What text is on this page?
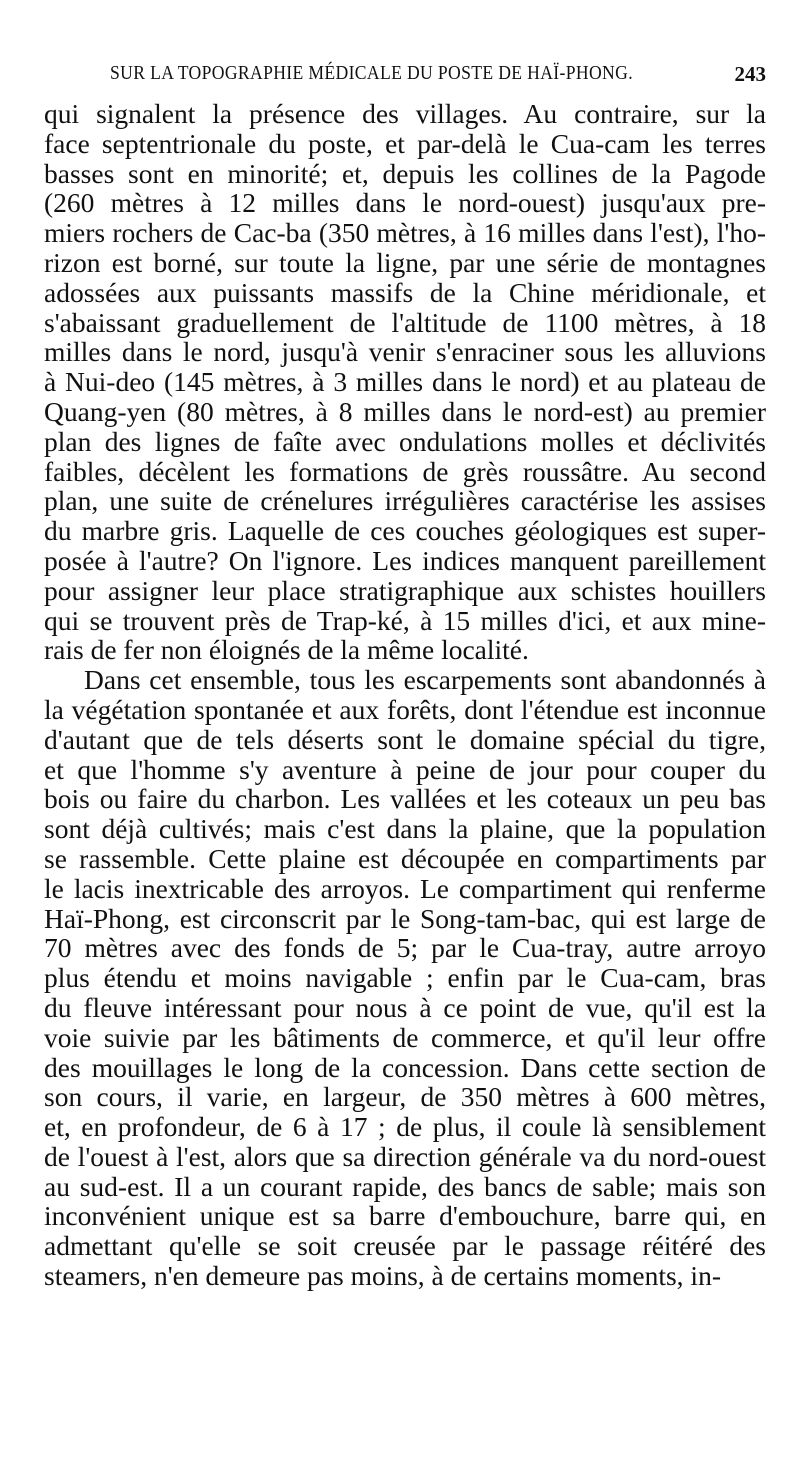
SUR LA TOPOGRAPHIE MÉDICALE DU POSTE DE HAÏ-PHONG.	243
qui signalent la présence des villages. Au contraire, sur la
face septentrionale du poste, et par-delà le Cua-cam les terres
basses sont en minorité; et, depuis les collines de la Pagode
(260 mètres à 12 milles dans le nord-ouest) jusqu'aux pre-
miers rochers de Cac-ba (350 mètres, à 16 milles dans l'est), l'ho-
rizon est borné, sur toute la ligne, par une série de montagnes
adossées aux puissants massifs de la Chine méridionale, et
s'abaissant graduellement de l'altitude de 1100 mètres, à 18
milles dans le nord, jusqu'à venir s'enraciner sous les alluvions
à Nui-deo (145 mètres, à 3 milles dans le nord) et au plateau de
Quang-yen (80 mètres, à 8 milles dans le nord-est) au premier
plan des lignes de faîte avec ondulations molles et déclivités
faibles, décèlent les formations de grès roussâtre. Au second
plan, une suite de crénelures irrégulières caractérise les assises
du marbre gris. Laquelle de ces couches géologiques est super-
posée à l'autre? On l'ignore. Les indices manquent pareillement
pour assigner leur place stratigraphique aux schistes houillers
qui se trouvent près de Trap-ké, à 15 milles d'ici, et aux mine-
rais de fer non éloignés de la même localité.
Dans cet ensemble, tous les escarpements sont abandonnés à
la végétation spontanée et aux forêts, dont l'étendue est inconnue
d'autant que de tels déserts sont le domaine spécial du tigre,
et que l'homme s'y aventure à peine de jour pour couper du
bois ou faire du charbon. Les vallées et les coteaux un peu bas
sont déjà cultivés; mais c'est dans la plaine, que la population
se rassemble. Cette plaine est découpée en compartiments par
le lacis inextricable des arroyos. Le compartiment qui renferme
Haï-Phong, est circonscrit par le Song-tam-bac, qui est large de
70 mètres avec des fonds de 5; par le Cua-tray, autre arroyo
plus étendu et moins navigable ; enfin par le Cua-cam, bras
du fleuve intéressant pour nous à ce point de vue, qu'il est la
voie suivie par les bâtiments de commerce, et qu'il leur offre
des mouillages le long de la concession. Dans cette section de
son cours, il varie, en largeur, de 350 mètres à 600 mètres,
et, en profondeur, de 6 à 17 ; de plus, il coule là sensiblement
de l'ouest à l'est, alors que sa direction générale va du nord-ouest
au sud-est. Il a un courant rapide, des bancs de sable; mais son
inconvénient unique est sa barre d'embouchure, barre qui, en
admettant qu'elle se soit creusée par le passage réitéré des
steamers, n'en demeure pas moins, à de certains moments, in-
